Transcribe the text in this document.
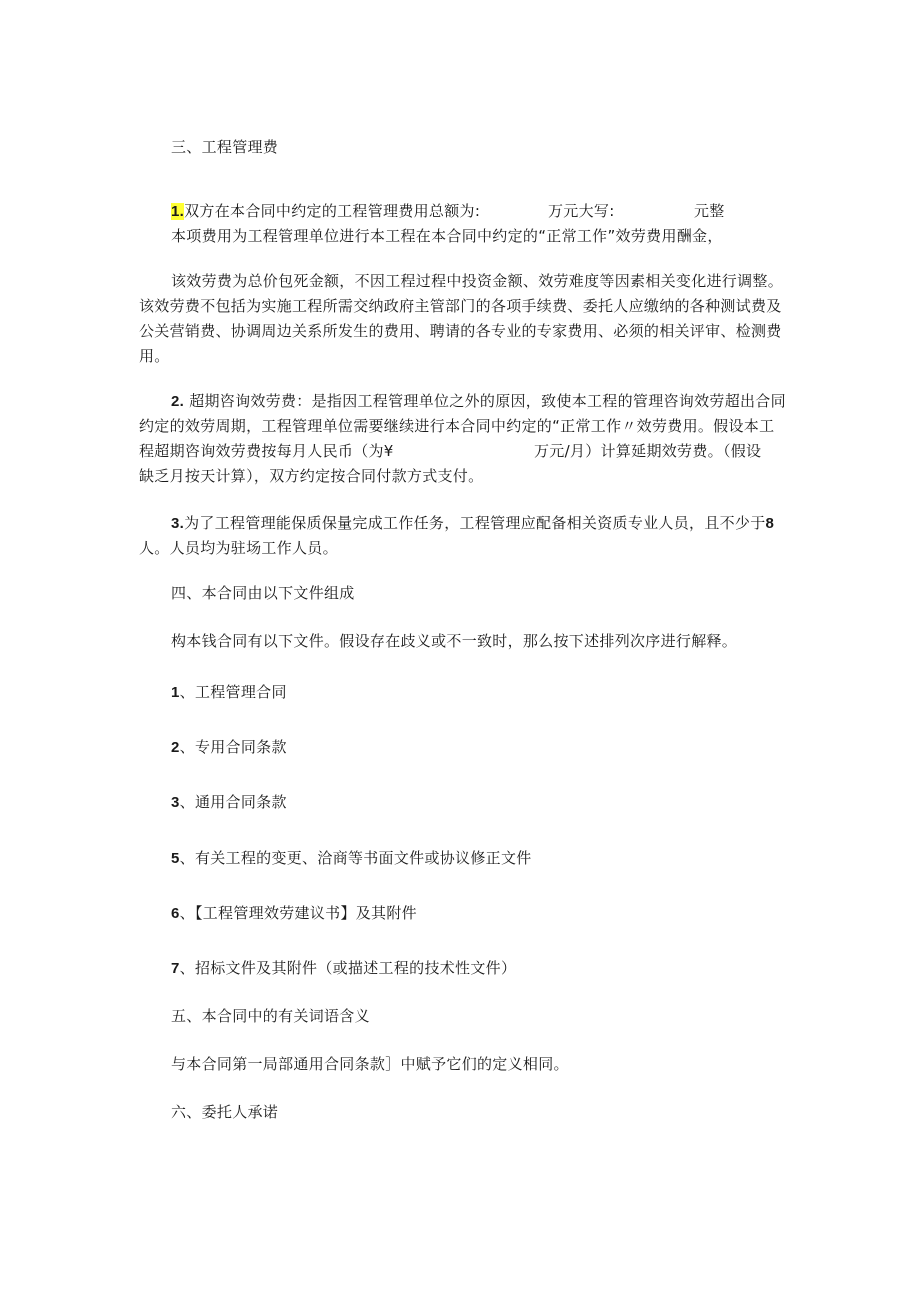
三、工程管理费
1.双方在本合同中约定的工程管理费用总额为:	万元大写:	元整
本项费用为工程管理单位进行本工程在本合同中约定的“正常工作”效劳费用酬金，
该效劳费为总价包死金额，不因工程过程中投资金额、效劳难度等因素相关变化进行调整。
该效劳费不包括为实施工程所需交纳政府主管部门的各项手续费、委托人应缴纳的各种测试费及
公关营销费、协调周边关系所发生的费用、聘请的各专业的专家费用、必须的相关评审、检测费
用。
2. 超期咨询效劳费：是指因工程管理单位之外的原因，致使本工程的管理咨询效劳超出合同
约定的效劳周期，工程管理单位需要继续进行本合同中约定的“正常工作〃效劳费用。假设本工
程超期咨询效劳费按每月人民币（为¥	万元/月）计算延期效劳费。（假设
缺乏月按天计算），双方约定按合同付款方式支付。
3.为了工程管理能保质保量完成工作任务，工程管理应配备相关资质专业人员，且不少于8
人。人员均为驻场工作人员。
四、本合同由以下文件组成
构本钱合同有以下文件。假设存在歧义或不一致时，那么按下述排列次序进行解释。
1、工程管理合同
2、专用合同条款
3、通用合同条款
5、有关工程的变更、洽商等书面文件或协议修正文件
6、【工程管理效劳建议书】及其附件
7、招标文件及其附件（或描述工程的技术性文件）
五、本合同中的有关词语含义
与本合同第一局部通用合同条款］中赋予它们的定义相同。
六、委托人承诺
